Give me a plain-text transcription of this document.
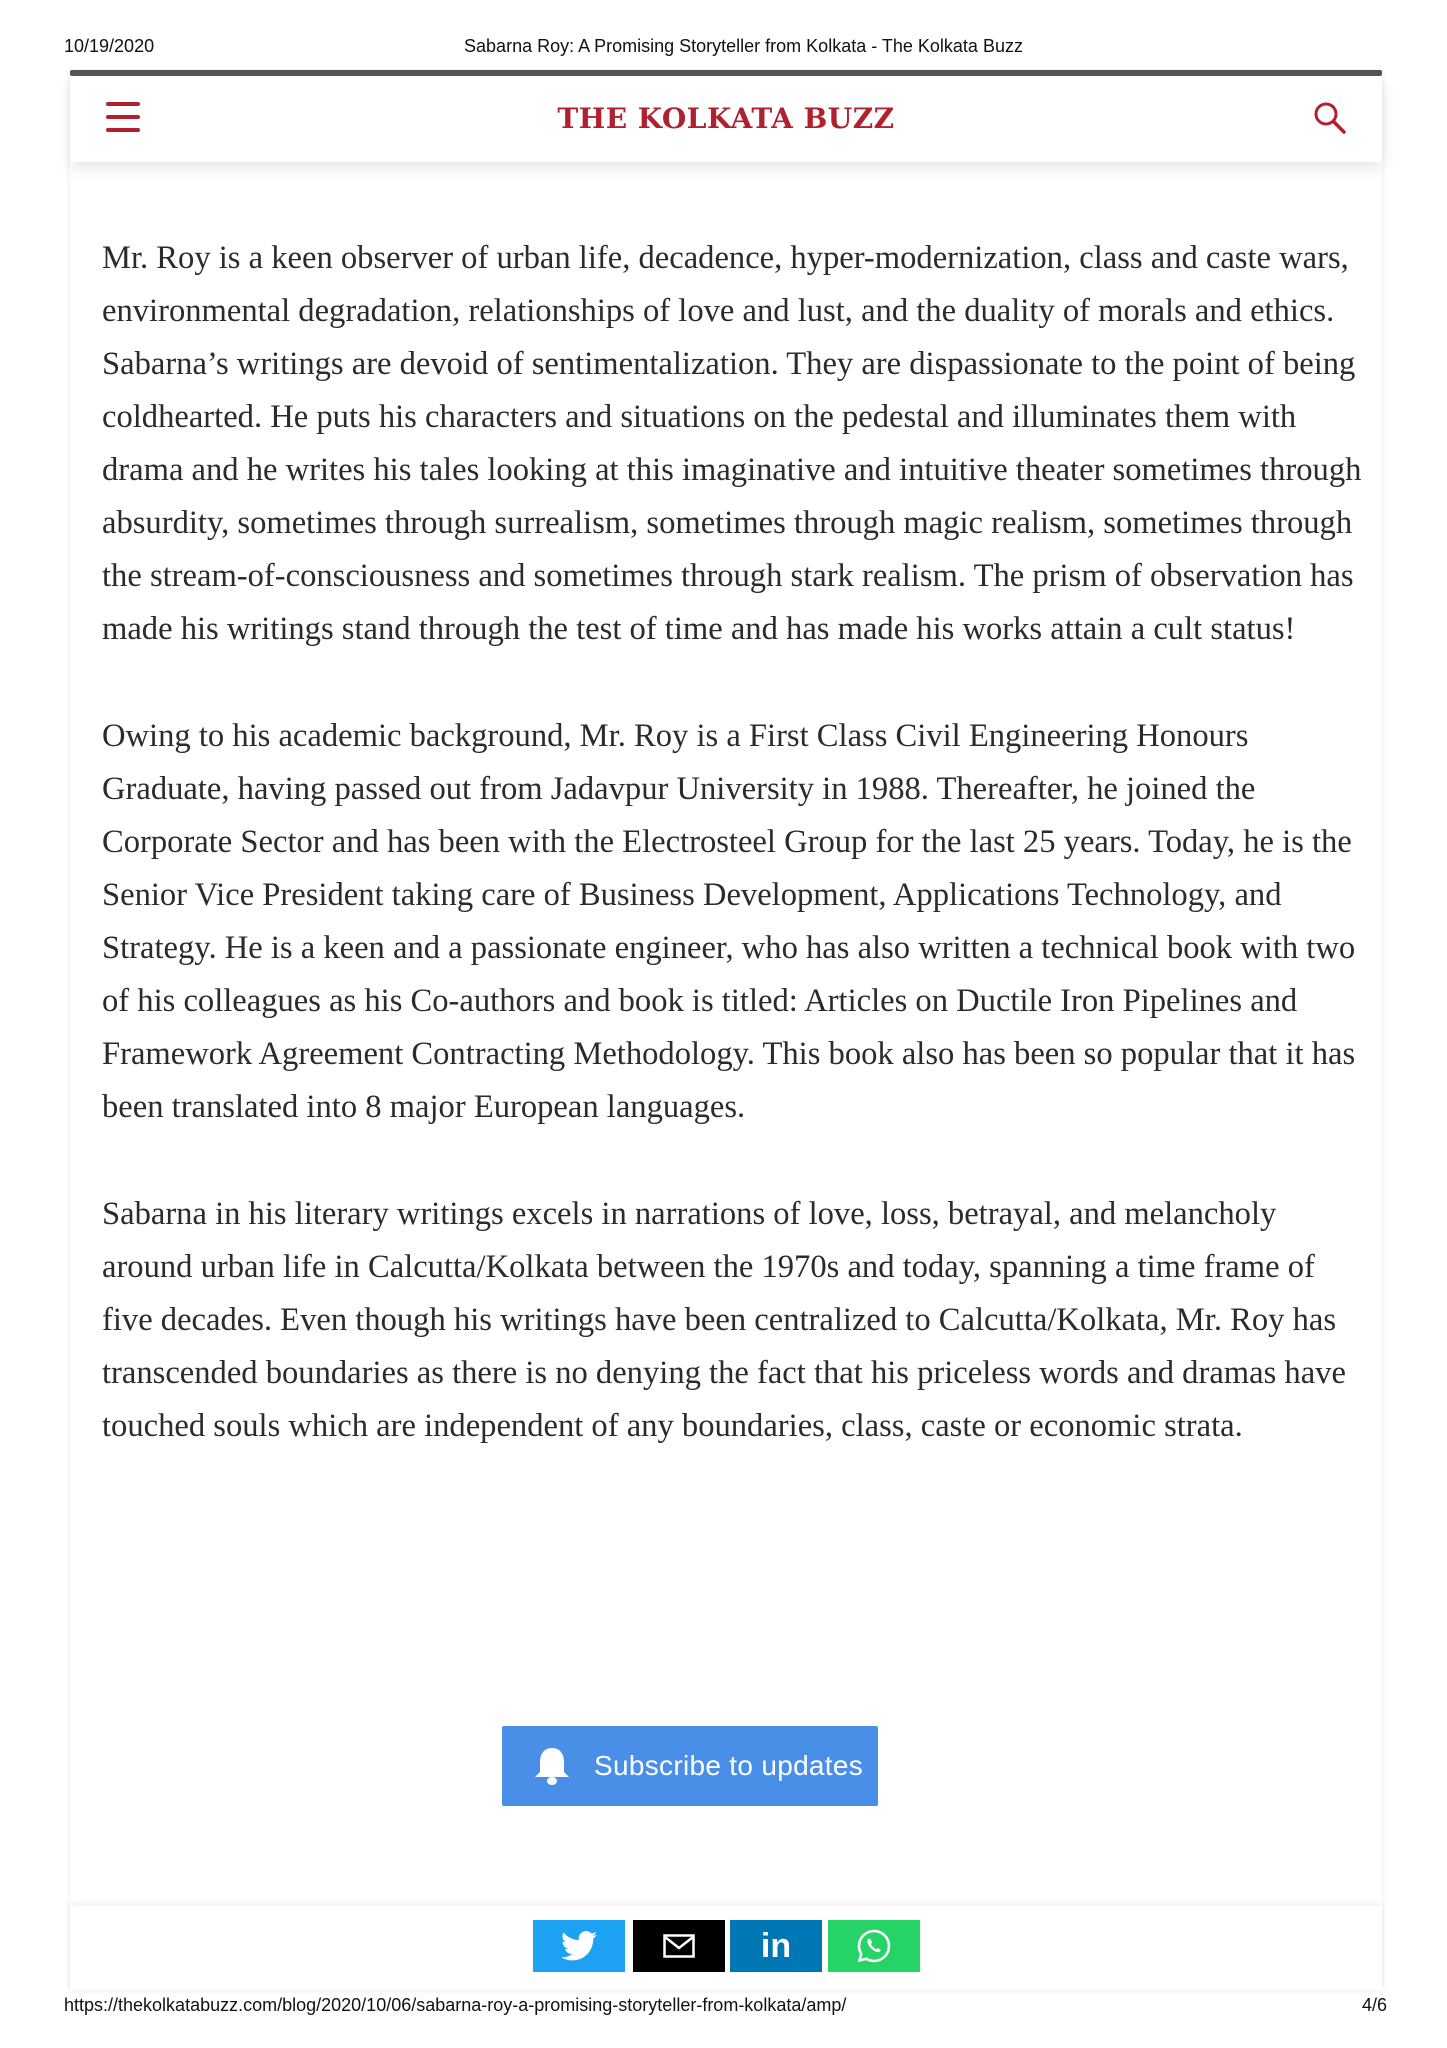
10/19/2020	Sabarna Roy: A Promising Storyteller from Kolkata - The Kolkata Buzz
THE KOLKATA BUZZ

Mr. Roy is a keen observer of urban life, decadence, hyper-modernization, class and caste wars, environmental degradation, relationships of love and lust, and the duality of morals and ethics. Sabarna’s writings are devoid of sentimentalization. They are dispassionate to the point of being coldhearted. He puts his characters and situations on the pedestal and illuminates them with drama and he writes his tales looking at this imaginative and intuitive theater sometimes through absurdity, sometimes through surrealism, sometimes through magic realism, sometimes through the stream-of-consciousness and sometimes through stark realism. The prism of observation has made his writings stand through the test of time and has made his works attain a cult status!

Owing to his academic background, Mr. Roy is a First Class Civil Engineering Honours Graduate, having passed out from Jadavpur University in 1988. Thereafter, he joined the Corporate Sector and has been with the Electrosteel Group for the last 25 years. Today, he is the Senior Vice President taking care of Business Development, Applications Technology, and Strategy. He is a keen and a passionate engineer, who has also written a technical book with two of his colleagues as his Co-authors and book is titled: Articles on Ductile Iron Pipelines and Framework Agreement Contracting Methodology. This book also has been so popular that it has been translated into 8 major European languages.

Sabarna in his literary writings excels in narrations of love, loss, betrayal, and melancholy around urban life in Calcutta/Kolkata between the 1970s and today, spanning a time frame of five decades. Even though his writings have been centralized to Calcutta/Kolkata, Mr. Roy has transcended boundaries as there is no denying the fact that his priceless words and dramas have touched souls which are independent of any boundaries, class, caste or economic strata.

Subscribe to updates
in
https://thekolkatabuzz.com/blog/2020/10/06/sabarna-roy-a-promising-storyteller-from-kolkata/amp/	4/6
